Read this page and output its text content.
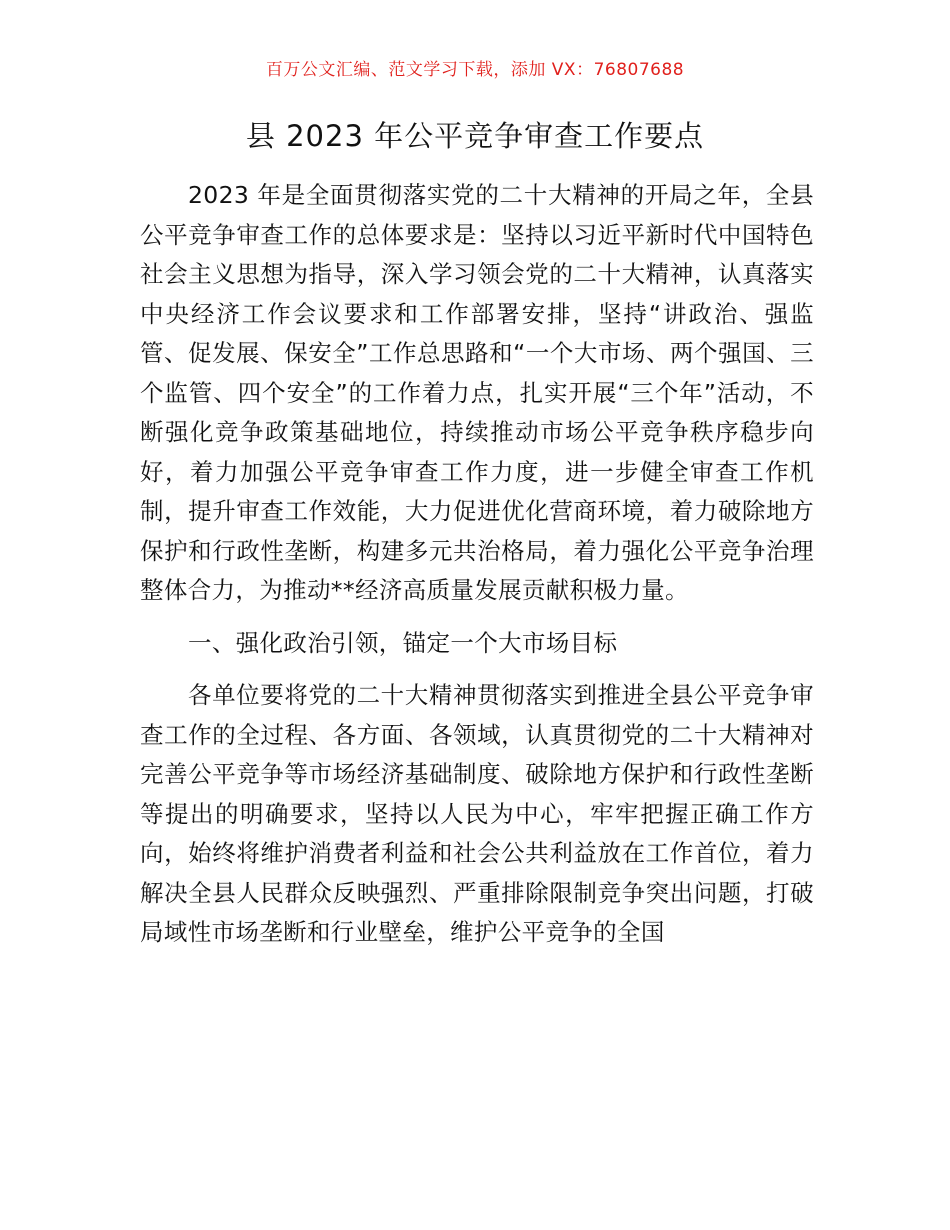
百万公文汇编、范文学习下载，添加 VX：76807688
县 2023 年公平竞争审查工作要点

2023 年是全面贯彻落实党的二十大精神的开局之年，全县公平竞争审查工作的总体要求是：坚持以习近平新时代中国特色社会主义思想为指导，深入学习领会党的二十大精神，认真落实中央经济工作会议要求和工作部署安排，坚持“讲政治、强监管、促发展、保安全”工作总思路和“一个大市场、两个强国、三个监管、四个安全”的工作着力点，扎实开展“三个年”活动，不断强化竞争政策基础地位，持续推动市场公平竞争秩序稳步向好，着力加强公平竞争审查工作力度，进一步健全审查工作机制，提升审查工作效能，大力促进优化营商环境，着力破除地方保护和行政性垄断，构建多元共治格局，着力强化公平竞争治理整体合力，为推动**经济高质量发展贡献积极力量。

一、强化政治引领，锚定一个大市场目标

各单位要将党的二十大精神贯彻落实到推进全县公平竞争审查工作的全过程、各方面、各领域，认真贯彻党的二十大精神对完善公平竞争等市场经济基础制度、破除地方保护和行政性垄断等提出的明确要求，坚持以人民为中心，牢牢把握正确工作方向，始终将维护消费者利益和社会公共利益放在工作首位，着力解决全县人民群众反映强烈、严重排除限制竞争突出问题，打破局域性市场垄断和行业壁垒，维护公平竞争的全国
